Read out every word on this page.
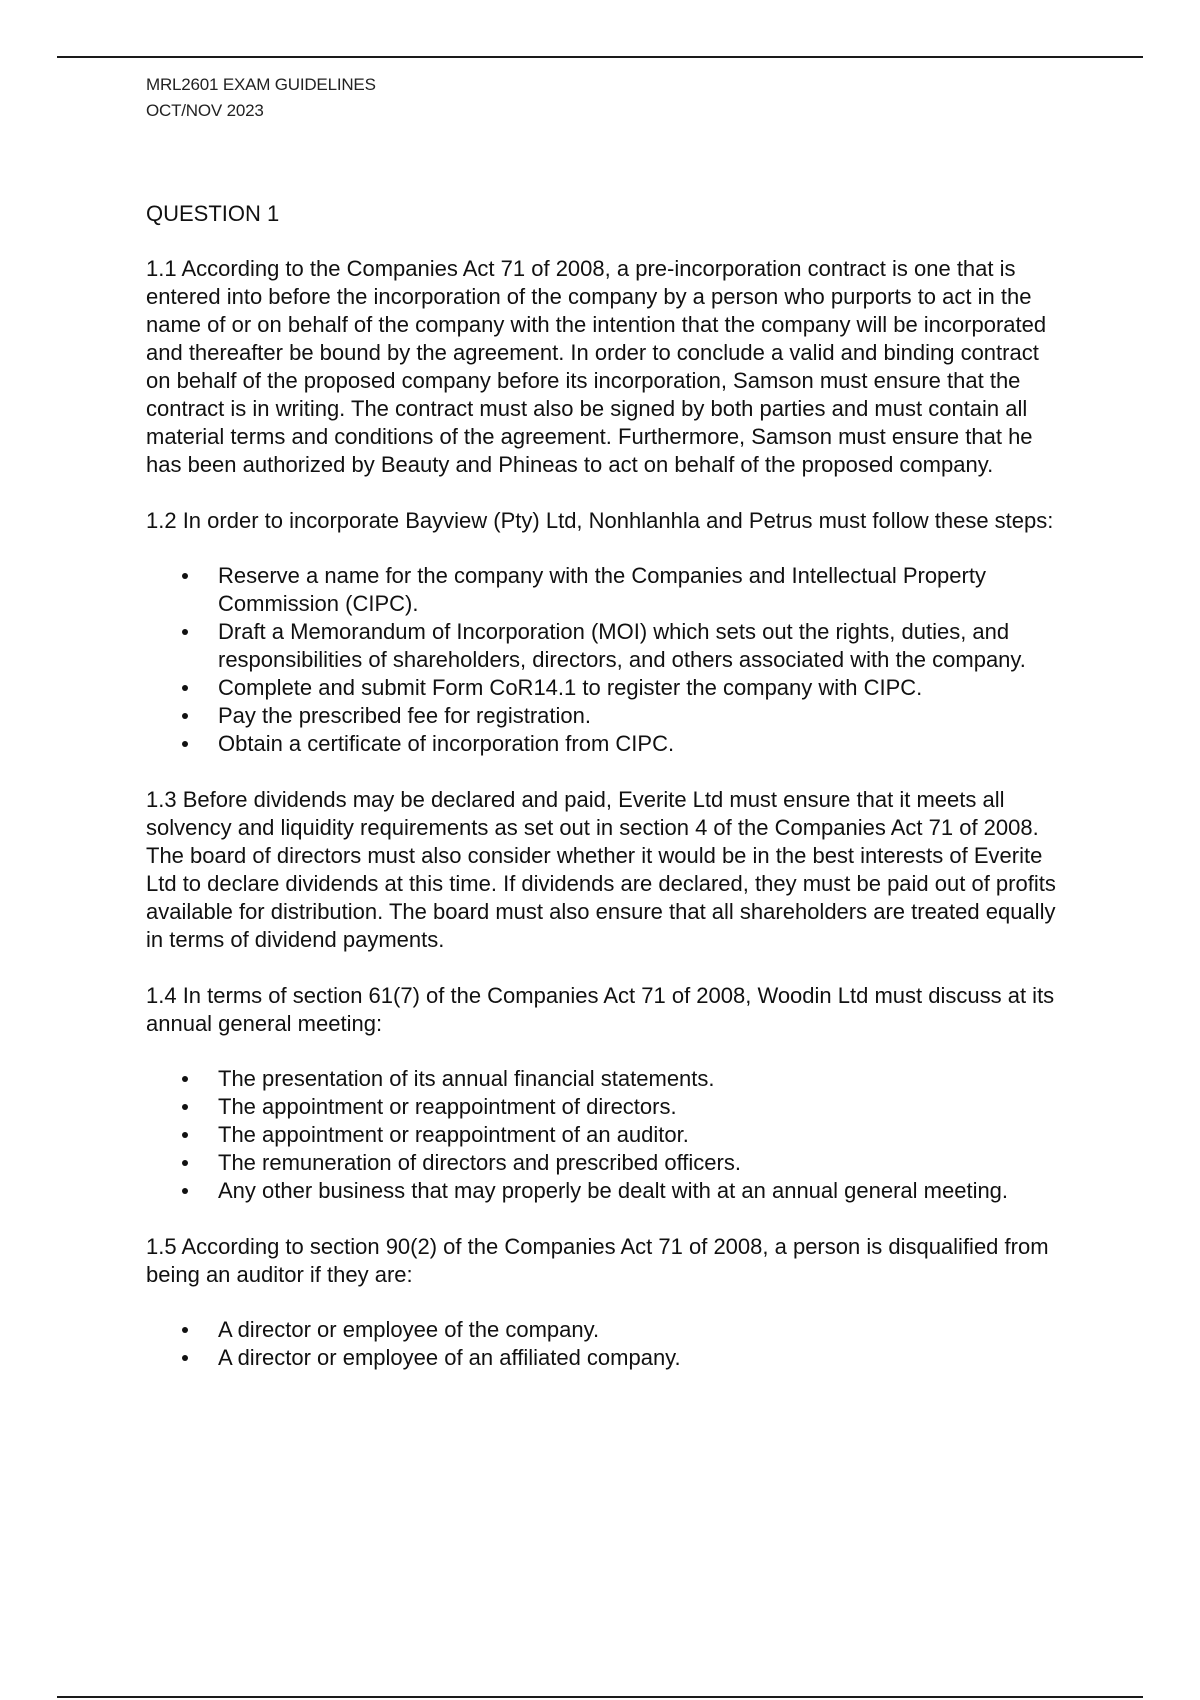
MRL2601 EXAM GUIDELINES
OCT/NOV 2023
QUESTION 1

1.1 According to the Companies Act 71 of 2008, a pre-incorporation contract is one that is entered into before the incorporation of the company by a person who purports to act in the name of or on behalf of the company with the intention that the company will be incorporated and thereafter be bound by the agreement. In order to conclude a valid and binding contract on behalf of the proposed company before its incorporation, Samson must ensure that the contract is in writing. The contract must also be signed by both parties and must contain all material terms and conditions of the agreement. Furthermore, Samson must ensure that he has been authorized by Beauty and Phineas to act on behalf of the proposed company.

1.2 In order to incorporate Bayview (Pty) Ltd, Nonhlanhla and Petrus must follow these steps:

Reserve a name for the company with the Companies and Intellectual Property Commission (CIPC).
Draft a Memorandum of Incorporation (MOI) which sets out the rights, duties, and responsibilities of shareholders, directors, and others associated with the company.
Complete and submit Form CoR14.1 to register the company with CIPC.
Pay the prescribed fee for registration.
Obtain a certificate of incorporation from CIPC.

1.3 Before dividends may be declared and paid, Everite Ltd must ensure that it meets all solvency and liquidity requirements as set out in section 4 of the Companies Act 71 of 2008. The board of directors must also consider whether it would be in the best interests of Everite Ltd to declare dividends at this time. If dividends are declared, they must be paid out of profits available for distribution. The board must also ensure that all shareholders are treated equally in terms of dividend payments.

1.4 In terms of section 61(7) of the Companies Act 71 of 2008, Woodin Ltd must discuss at its annual general meeting:

The presentation of its annual financial statements.
The appointment or reappointment of directors.
The appointment or reappointment of an auditor.
The remuneration of directors and prescribed officers.
Any other business that may properly be dealt with at an annual general meeting.

1.5 According to section 90(2) of the Companies Act 71 of 2008, a person is disqualified from being an auditor if they are:

A director or employee of the company.
A director or employee of an affiliated company.
